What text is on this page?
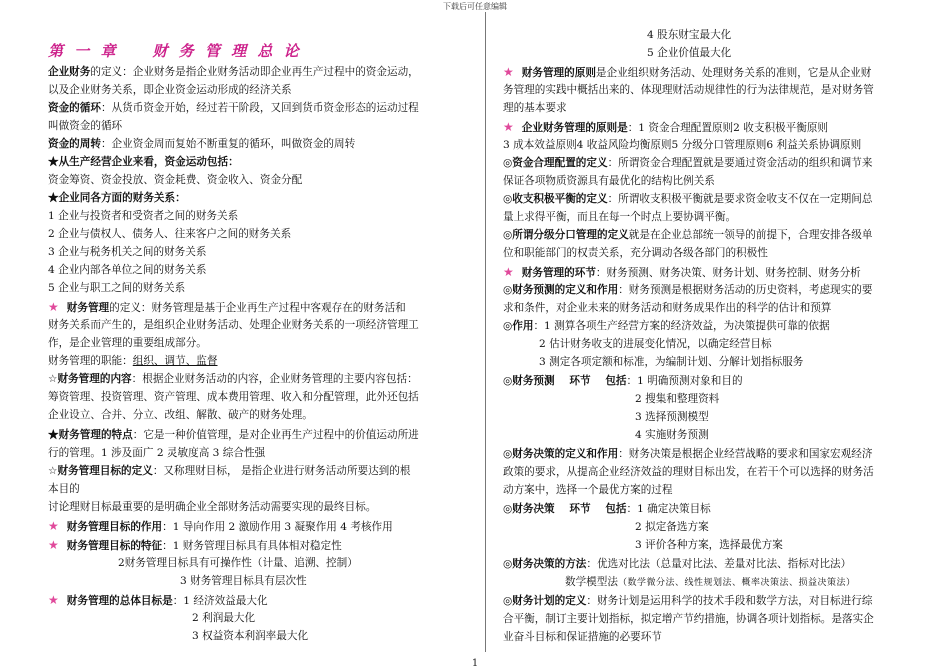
下载后可任意编辑
第 一 章 财 务 管 理 总 论
企业财务的定义：企业财务是指企业财务活动即企业再生产过程中的资金运动，
以及企业财务关系，即企业资金运动形成的经济关系
资金的循环：从货币资金开始，经过若干阶段，又回到货币资金形态的运动过程
叫做资金的循环
资金的周转：企业资金周而复始不断重复的循环，叫做资金的周转
★从生产经营企业来看，资金运动包括：
资金筹资、资金投放、资金耗费、资金收入、资金分配
★企业同各方面的财务关系：
1 企业与投资者和受资者之间的财务关系
2 企业与债权人、债务人、往来客户之间的财务关系
3 企业与税务机关之间的财务关系
4 企业内部各单位之间的财务关系
5 企业与职工之间的财务关系
★ 财务管理的定义：财务管理是基于企业再生产过程中客观存在的财务活和
财务关系而产生的，是组织企业财务活动、处理企业财务关系的一项经济管理工
作，是企业管理的重要组成部分。
财务管理的职能：组织、调节、监督
☆财务管理的内容：根据企业财务活动的内容，企业财务管理的主要内容包括：
筹资管理、投资管理、资产管理、成本费用管理、收入和分配管理，此外还包括
企业设立、合并、分立、改组、解散、破产的财务处理。
★财务管理的特点：它是一种价值管理，是对企业再生产过程中的价值运动所进
行的管理。1 涉及面广 2 灵敏度高 3 综合性强
☆财务管理目标的定义：又称理财目标， 是指企业进行财务活动所要达到的根
本目的
讨论理财目标最重要的是明确企业全部财务活动需要实现的最终目标。
★ 财务管理目标的作用：1 导向作用 2 激励作用 3 凝聚作用 4 考核作用
★ 财务管理目标的特征：1 财务管理目标具有具体相对稳定性
2财务管理目标具有可操作性（计量、追溯、控制）
3 财务管理目标具有层次性
★ 财务管理的总体目标是：1 经济效益最大化
2 利润最大化
3 权益资本利润率最大化
4 股东财宝最大化
5 企业价值最大化
★ 财务管理的原则是企业组织财务活动、处理财务关系的准则，它是从企业财
务管理的实践中概括出来的、体现理财活动规律性的行为法律规范，是对财务管
理的基本要求
★ 企业财务管理的原则是：1 资金合理配置原则2 收支积极平衡原则
3 成本效益原则4 收益风险均衡原则5 分级分口管理原则6 利益关系协调原则
◎资金合理配置的定义：所谓资金合理配置就是要通过资金活动的组织和调节来
保证各项物质资源具有最优化的结构比例关系
◎收支积极平衡的定义：所谓收支积极平衡就是要求资金收支不仅在一定期间总
量上求得平衡，而且在每一个时点上要协调平衡。
◎所谓分级分口管理的定义就是在企业总部统一领导的前提下，合理安排各级单
位和职能部门的权责关系，充分调动各级各部门的积极性
★ 财务管理的环节：财务预测、财务决策、财务计划、财务控制、财务分析
◎财务预测的定义和作用：财务预测是根据财务活动的历史资料，考虑现实的要
求和条件，对企业未来的财务活动和财务成果作出的科学的估计和预算
◎作用：1 测算各项生产经营方案的经济效益，为决策提供可靠的依据
2 估计财务收支的进展变化情况，以确定经营目标
3 测定各项定额和标准，为编制计划、分解计划指标服务
◎财务预测    环节    包括：1 明确预测对象和目的
2 搜集和整理资料
3 选择预测模型
4 实施财务预测
◎财务决策的定义和作用：财务决策是根据企业经营战略的要求和国家宏观经济
政策的要求，从提高企业经济效益的理财目标出发，在若干个可以选择的财务活
动方案中，选择一个最优方案的过程
◎财务决策    环节    包括：1 确定决策目标
2 拟定备选方案
3 评价各种方案，选择最优方案
◎财务决策的方法：优选对比法（总量对比法、差量对比法、指标对比法）
数学模型法（数学微分法、线性规划法、概率决策法、损益决策法）
◎财务计划的定义：财务计划是运用科学的技术手段和数学方法，对目标进行综
合平衡，制订主要计划指标，拟定增产节约措施，协调各项计划指标。是落实企
业奋斗目标和保证措施的必要环节
1
